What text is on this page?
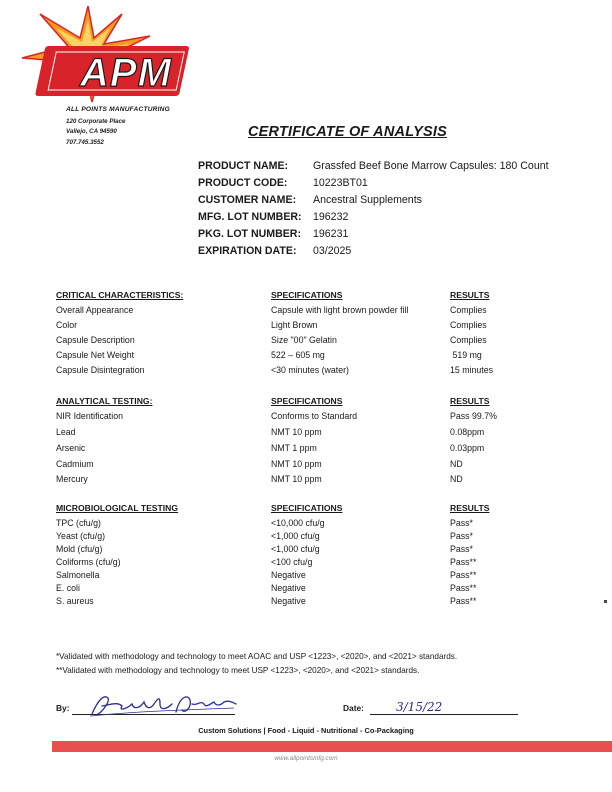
APM
ALL POINTS MANUFACTURING
120 Corporate Place
Vallejo, CA 94590
707.745.3552
CERTIFICATE OF ANALYSIS
PRODUCT NAME: Grassfed Beef Bone Marrow Capsules: 180 Count
PRODUCT CODE: 10223BT01
CUSTOMER NAME: Ancestral Supplements
MFG. LOT NUMBER: 196232
PKG. LOT NUMBER: 196231
EXPIRATION DATE: 03/2025
CRITICAL CHARACTERISTICS:	SPECIFICATIONS	RESULTS
Overall Appearance	Capsule with light brown powder fill	Complies
Color	Light Brown	Complies
Capsule Description	Size "00" Gelatin	Complies
Capsule Net Weight	522 – 605 mg	519 mg
Capsule Disintegration	<30 minutes (water)	15 minutes
ANALYTICAL TESTING:	SPECIFICATIONS	RESULTS
NIR Identification	Conforms to Standard	Pass 99.7%
Lead	NMT 10 ppm	0.08ppm
Arsenic	NMT 1 ppm	0.03ppm
Cadmium	NMT 10 ppm	ND
Mercury	NMT 10 ppm	ND
MICROBIOLOGICAL TESTING	SPECIFICATIONS	RESULTS
TPC (cfu/g)	<10,000 cfu/g	Pass*
Yeast (cfu/g)	<1,000 cfu/g	Pass*
Mold (cfu/g)	<1,000 cfu/g	Pass*
Coliforms (cfu/g)	<100 cfu/g	Pass**
Salmonella	Negative	Pass**
E. coli	Negative	Pass**
S. aureus	Negative	Pass**
*Validated with methodology and technology to meet AOAC and USP <1223>, <2020>, and <2021> standards.
**Validated with methodology and technology to meet USP <1223>, <2020>, and <2021> standards.
By:	Date:	3/15/22
Custom Solutions | Food - Liquid - Nutritional - Co-Packaging
www.allpointsmfg.com
